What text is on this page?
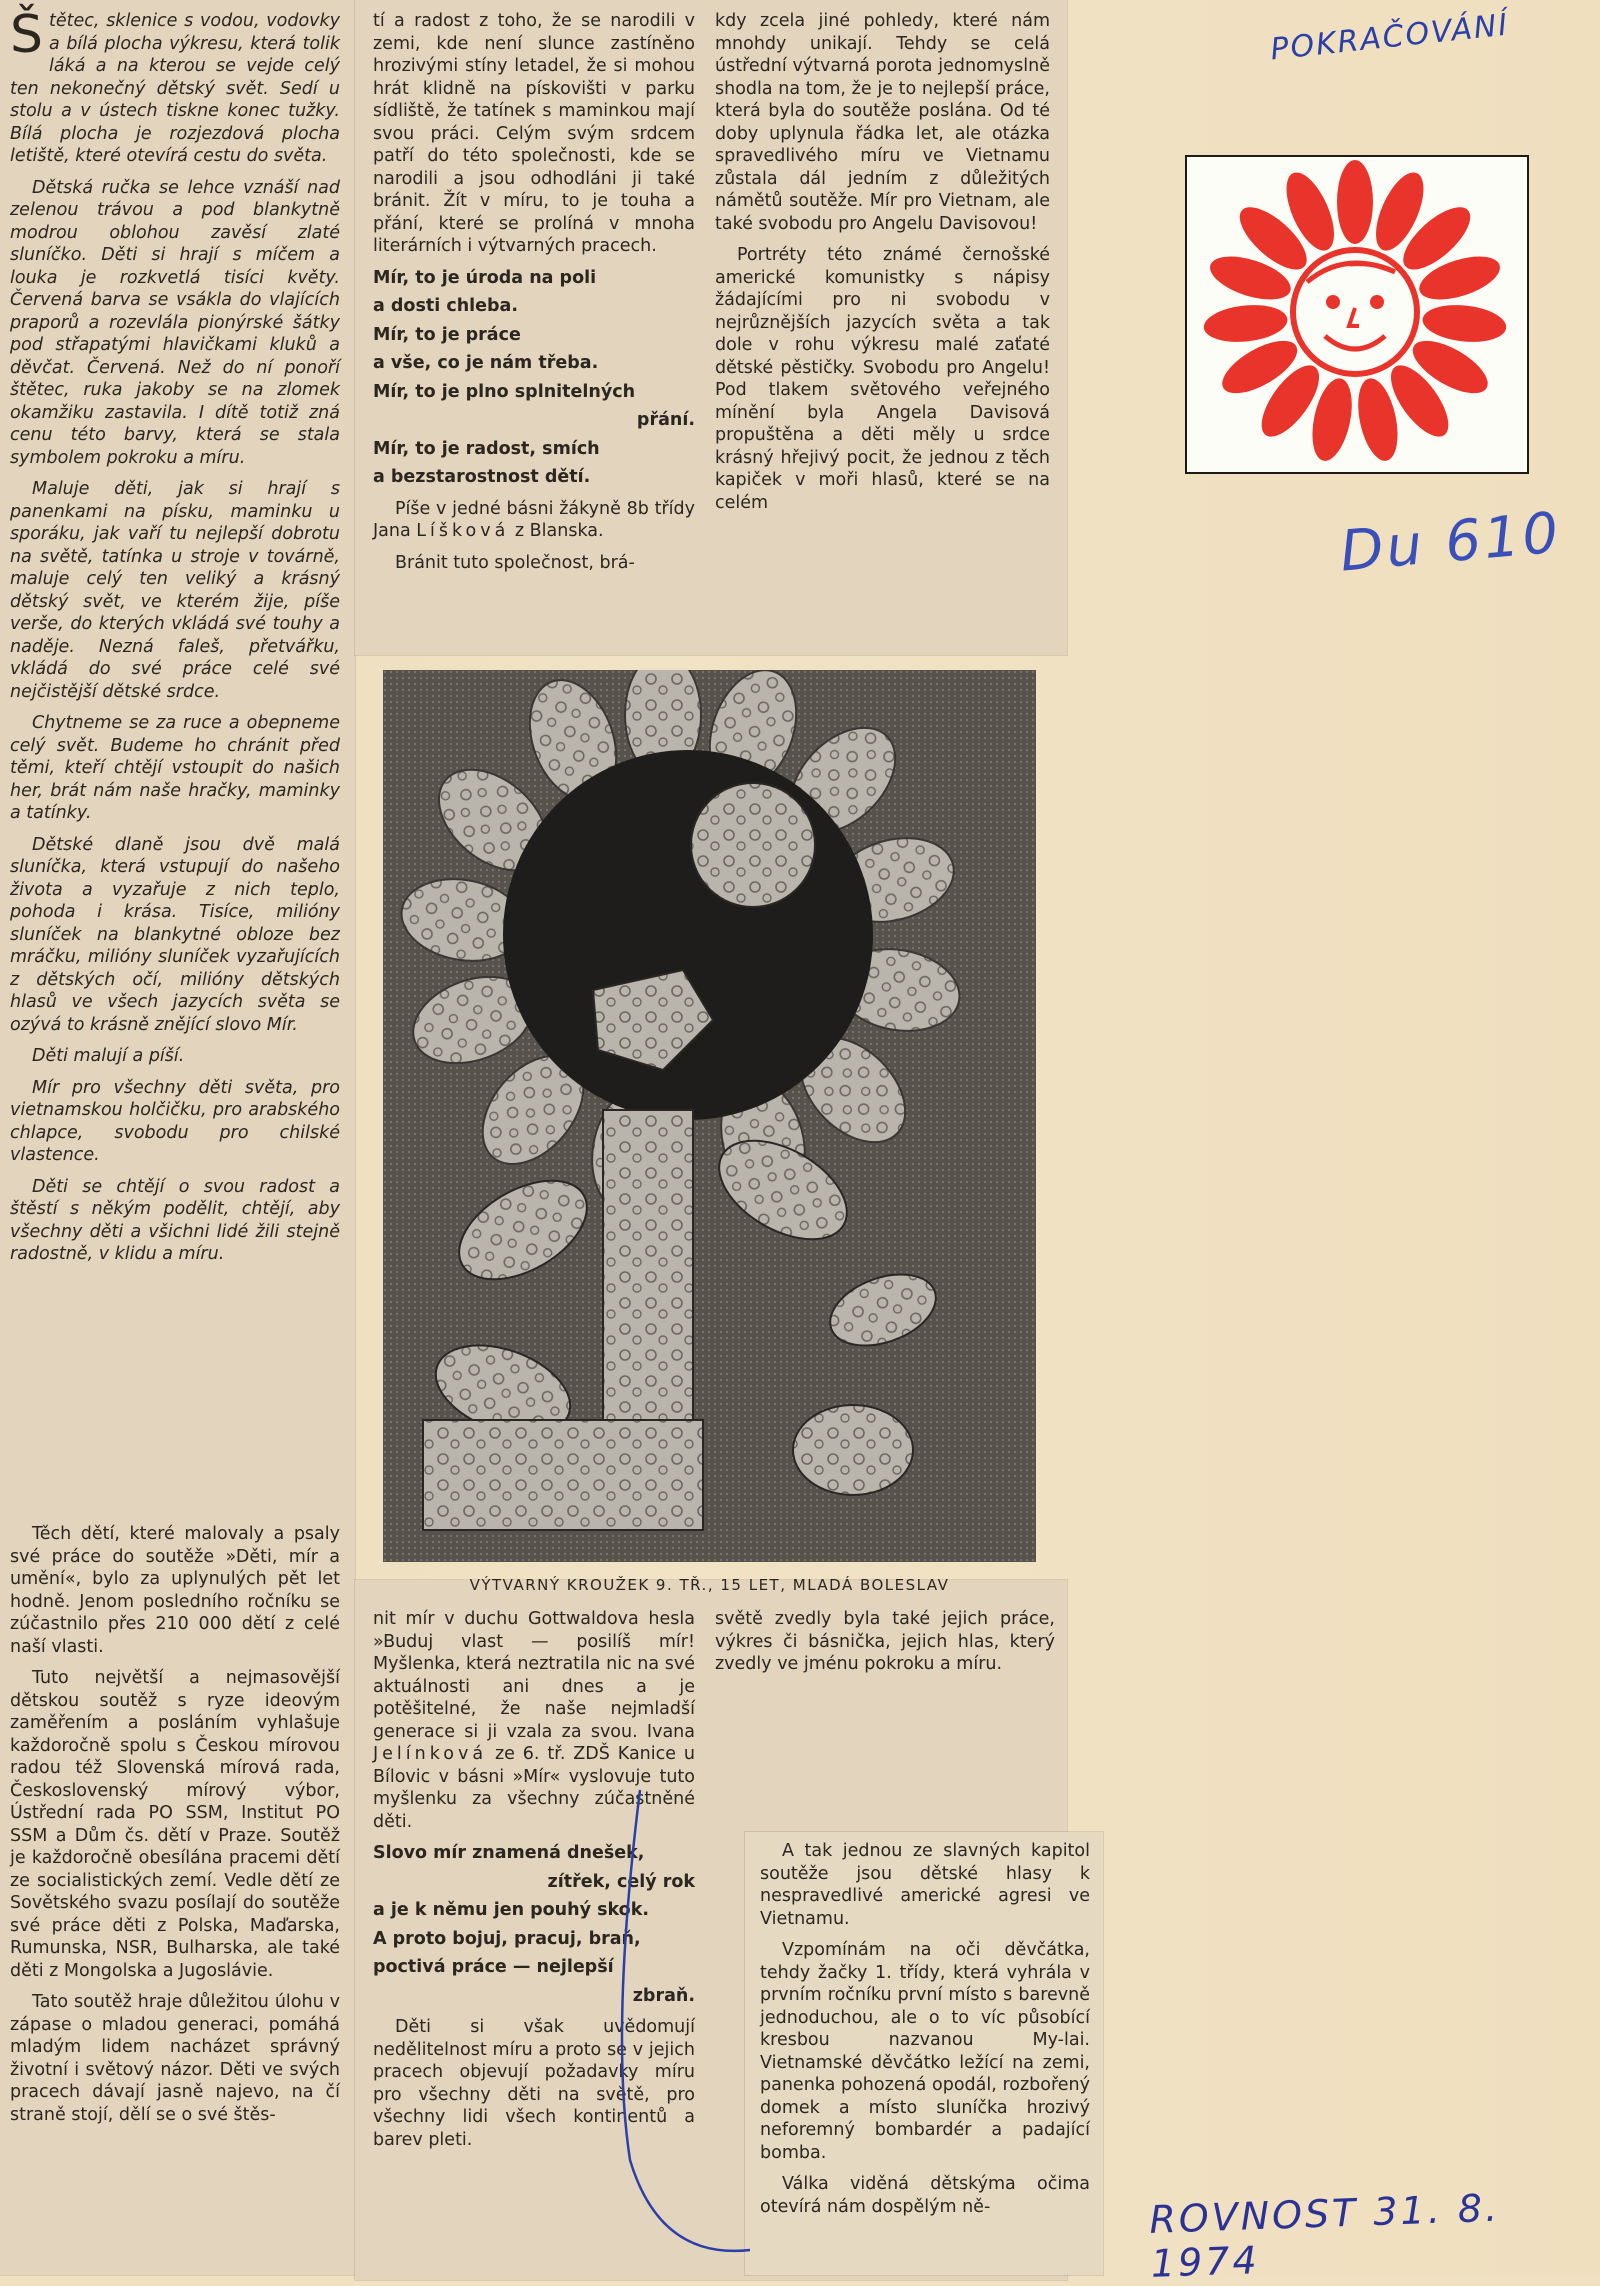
Štětec, sklenice s vodou, vodovky a bílá plocha výkresu, která tolik láká a na kterou se vejde celý ten nekonečný dětský svět. Sedí u stolu a v ústech tiskne konec tužky. Bílá plocha je rozjezdová plocha letiště, které otevírá cestu do světa.

Dětská ručka se lehce vznáší nad zelenou trávou a pod blankytně modrou oblohou zavěsí zlaté sluníčko. Děti si hrají s míčem a louka je rozkvetlá tisíci květy. Červená barva se vsákla do vlajících praporů a rozevlála pionýrské šátky pod střapatými hlavičkami kluků a děvčat. Červená. Než do ní ponoří štětec, ruka jakoby se na zlomek okamžiku zastavila. I dítě totiž zná cenu této barvy, která se stala symbolem pokroku a míru.

Maluje děti, jak si hrají s panenkami na písku, maminku u sporáku, jak vaří tu nejlepší dobrotu na světě, tatínka u stroje v továrně, maluje celý ten veliký a krásný dětský svět, ve kterém žije, píše verše, do kterých vkládá své touhy a naděje. Nezná faleš, přetvářku, vkládá do své práce celé své nejčistější dětské srdce.

Chytneme se za ruce a obepneme celý svět. Budeme ho chránit před těmi, kteří chtějí vstoupit do našich her, brát nám naše hračky, maminky a tatínky.

Dětské dlaně jsou dvě malá sluníčka, která vstupují do našeho života a vyzařuje z nich teplo, pohoda i krása. Tisíce, milióny sluníček na blankytné obloze bez mráčku, milióny sluníček vyzařujících z dětských očí, milióny dětských hlasů ve všech jazycích světa se ozývá to krásně znějící slovo Mír.

Děti malují a píší.

Mír pro všechny děti světa, pro vietnamskou holčičku, pro arabského chlapce, svobodu pro chilské vlastence.

Děti se chtějí o svou radost a štěstí s někým podělit, chtějí, aby všechny děti a všichni lidé žili stejně radostně, v klidu a míru.

Těch dětí, které malovaly a psaly své práce do soutěže »Děti, mír a umění«, bylo za uplynulých pět let hodně. Jenom posledního ročníku se zúčastnilo přes 210 000 dětí z celé naší vlasti.

Tuto největší a nejmasovější dětskou soutěž s ryze ideovým zaměřením a posláním vyhlašuje každoročně spolu s Českou mírovou radou též Slovenská mírová rada, Československý mírový výbor, Ústřední rada PO SSM, Institut PO SSM a Dům čs. dětí v Praze. Soutěž je každoročně obesílána pracemi dětí ze socialistických zemí. Vedle dětí ze Sovětského svazu posílají do soutěže své práce děti z Polska, Maďarska, Rumunska, NSR, Bulharska, ale také děti z Mongolska a Jugoslávie.

Tato soutěž hraje důležitou úlohu v zápase o mladou generaci, pomáhá mladým lidem nacházet správný životní i světový názor. Děti ve svých pracech dávají jasně najevo, na čí straně stojí, dělí se o své štěs-

tí a radost z toho, že se narodili v zemi, kde není slunce zastíněno hrozivými stíny letadel, že si mohou hrát klidně na pískovišti v parku sídliště, že tatínek s maminkou mají svou práci. Celým svým srdcem patří do této společnosti, kde se narodili a jsou odhodláni ji také bránit. Žít v míru, to je touha a přání, které se prolíná v mnoha literárních i výtvarných pracech.

Mír, to je úroda na poli
a dosti chleba.
Mír, to je práce
a vše, co je nám třeba.
Mír, to je plno splnitelných
přání.
Mír, to je radost, smích
a bezstarostnost dětí.

Píše v jedné básni žákyně 8b třídy Jana Líšková z Blanska.

Bránit tuto společnost, brá-

kdy zcela jiné pohledy, které nám mnohdy unikají. Tehdy se celá ústřední výtvarná porota jednomyslně shodla na tom, že je to nejlepší práce, která byla do soutěže poslána. Od té doby uplynula řádka let, ale otázka spravedlivého míru ve Vietnamu zůstala dál jedním z důležitých námětů soutěže. Mír pro Vietnam, ale také svobodu pro Angelu Davisovou!

Portréty této známé černošské americké komunistky s nápisy žádajícími pro ni svobodu v nejrůznějších jazycích světa a tak dole v rohu výkresu malé zaťaté dětské pěstičky. Svobodu pro Angelu! Pod tlakem světového veřejného mínění byla Angela Davisová propuštěna a děti měly u srdce krásný hřejivý pocit, že jednou z těch kapiček v moři hlasů, které se na celém

VÝTVARNÝ KROUŽEK 9. TŘ., 15 LET, MLADÁ BOLESLAV

nit mír v duchu Gottwaldova hesla »Buduj vlast — posilíš mír! Myšlenka, která neztratila nic na své aktuálnosti ani dnes a je potěšitelné, že naše nejmladší generace si ji vzala za svou. Ivana Jelínková ze 6. tř. ZDŠ Kanice u Bílovic v básni »Mír« vyslovuje tuto myšlenku za všechny zúčastněné děti.

Slovo mír znamená dnešek,
zítřek, celý rok
a je k němu jen pouhý skok.
A proto bojuj, pracuj, braň,
poctivá práce — nejlepší
zbraň.

Děti si však uvědomují nedělitelnost míru a proto se v jejich pracech objevují požadavky míru pro všechny děti na světě, pro všechny lidi všech kontinentů a barev pleti.

světě zvedly byla také jejich práce, výkres či básnička, jejich hlas, který zvedly ve jménu pokroku a míru.

A tak jednou ze slavných kapitol soutěže jsou dětské hlasy k nespravedlivé americké agresi ve Vietnamu.

Vzpomínám na oči děvčátka, tehdy žačky 1. třídy, která vyhrála v prvním ročníku první místo s barevně jednoduchou, ale o to víc působící kresbou nazvanou My-lai. Vietnamské děvčátko ležící na zemi, panenka pohozená opodál, rozbořený domek a místo sluníčka hrozivý neforemný bombardér a padající bomba.

Válka viděná dětskýma očima otevírá nám dospělým ně-

POKRAČOVÁNÍ
Du 610
ROVNOST 31. 8. 1974
